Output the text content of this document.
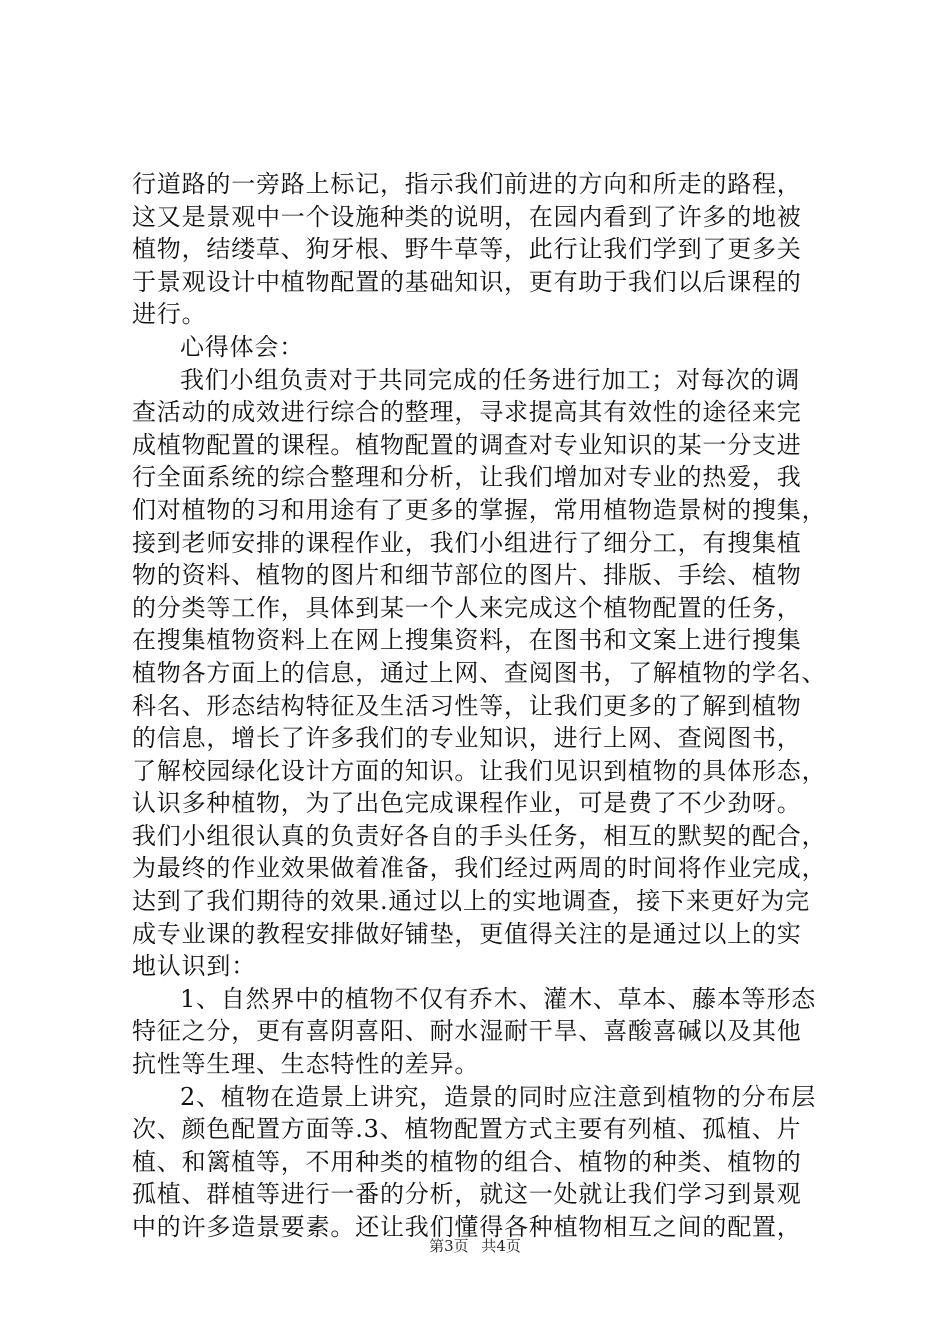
行道路的一旁路上标记，指示我们前进的方向和所走的路程，
这又是景观中一个设施种类的说明，在园内看到了许多的地被
植物，结缕草、狗牙根、野牛草等，此行让我们学到了更多关
于景观设计中植物配置的基础知识，更有助于我们以后课程的
进行。
心得体会：
我们小组负责对于共同完成的任务进行加工；对每次的调
查活动的成效进行综合的整理，寻求提高其有效性的途径来完
成植物配置的课程。植物配置的调查对专业知识的某一分支进
行全面系统的综合整理和分析，让我们增加对专业的热爱，我
们对植物的习和用途有了更多的掌握，常用植物造景树的搜集，
接到老师安排的课程作业，我们小组进行了细分工，有搜集植
物的资料、植物的图片和细节部位的图片、排版、手绘、植物
的分类等工作，具体到某一个人来完成这个植物配置的任务，
在搜集植物资料上在网上搜集资料，在图书和文案上进行搜集
植物各方面上的信息，通过上网、查阅图书，了解植物的学名、
科名、形态结构特征及生活习性等，让我们更多的了解到植物
的信息，增长了许多我们的专业知识，进行上网、查阅图书，
了解校园绿化设计方面的知识。让我们见识到植物的具体形态，
认识多种植物，为了出色完成课程作业，可是费了不少劲呀。
我们小组很认真的负责好各自的手头任务，相互的默契的配合，
为最终的作业效果做着准备，我们经过两周的时间将作业完成，
达到了我们期待的效果.通过以上的实地调查，接下来更好为完
成专业课的教程安排做好铺垫，更值得关注的是通过以上的实
地认识到：
1、自然界中的植物不仅有乔木、灌木、草本、藤本等形态
特征之分，更有喜阴喜阳、耐水湿耐干旱、喜酸喜碱以及其他
抗性等生理、生态特性的差异。
2、植物在造景上讲究，造景的同时应注意到植物的分布层
次、颜色配置方面等.3、植物配置方式主要有列植、孤植、片
植、和篱植等，不用种类的植物的组合、植物的种类、植物的
孤植、群植等进行一番的分析，就这一处就让我们学习到景观
中的许多造景要素。还让我们懂得各种植物相互之间的配置，
第3页 共4页
